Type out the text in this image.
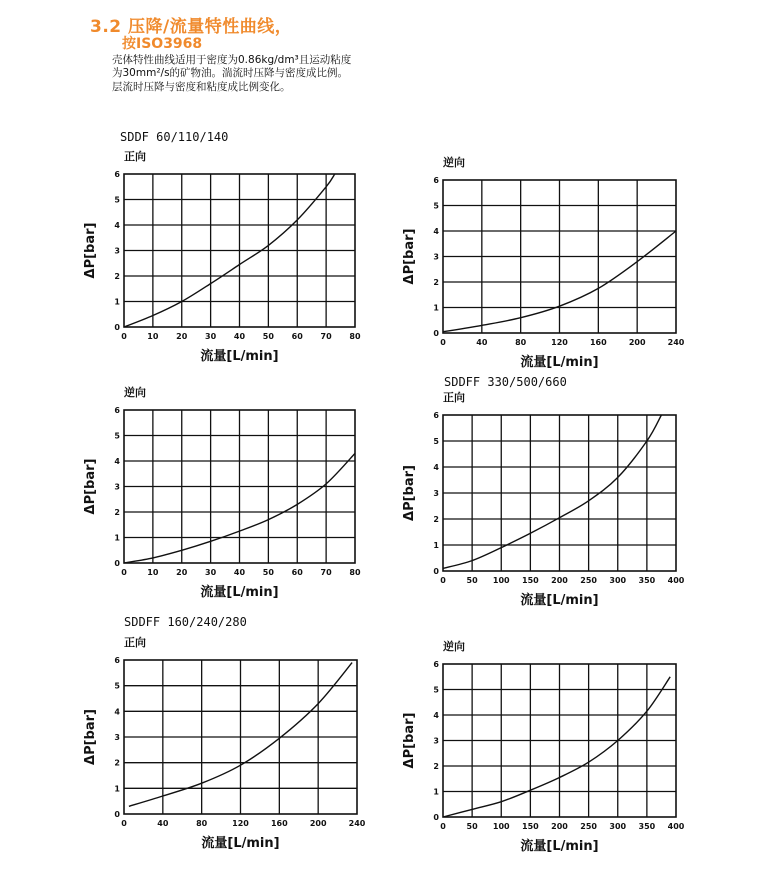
3.2 压降/流量特性曲线，
按ISO3968
壳体特性曲线适用于密度为0.86kg/dm³且运动粘度为30mm²/s的矿物油。湍流时压降与密度成比例。层流时压降与密度和粘度成比例变化。
SDDF 60/110/140
SDDFF 330/500/660
SDDFF 160/240/280
0	10 20 30 40 50 60 70 80
0
1
2
3
4
5
6
流量[L/min]
ΔP[bar]
正向
0	40	80	120	160	200	240
0
1
2
3
4
5
6
流量[L/min]
ΔP[bar]
逆向
0	10 20 30 40 50 60 70 80
0
1
2
3
4
5
6
流量[L/min]
ΔP[bar]
逆向
0	50 100 150 200 250 300 350 400
0
1
2
3
4
5
6
流量[L/min]
ΔP[bar]
正向
0	40	80	120	160	200	240
0
1
2
3
4
5
6
流量[L/min]
ΔP[bar]
正向
0	50 100 150 200 250 300 350 400
0
1
2
3
4
5
6
流量[L/min]
ΔP[bar]
逆向
